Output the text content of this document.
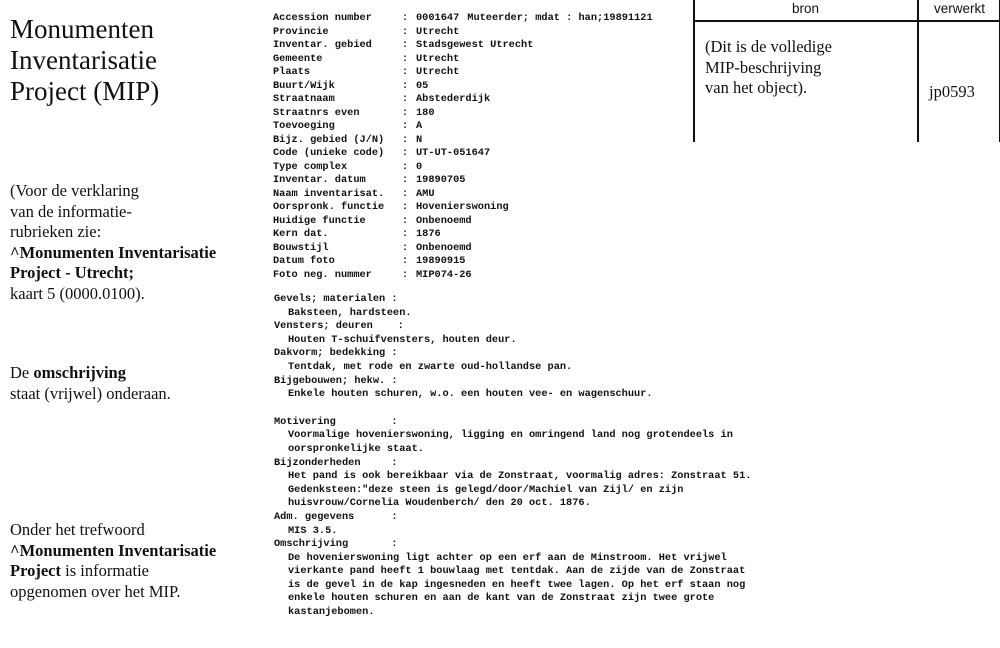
Monumenten
Inventarisatie
Project (MIP)
(Voor de verklaring
van de informatie-
rubrieken zie:
^Monumenten Inventarisatie
Project - Utrecht;
kaart 5 (0000.0100).
De omschrijving
staat (vrijwel) onderaan.
Onder het trefwoord
^Monumenten Inventarisatie
Project is informatie
opgenomen over het MIP.
Accession number	: 0001647 Muteerder; mdat : han;19891121
Provincie	: Utrecht
Inventar. gebied	: Stadsgewest Utrecht
Gemeente	: Utrecht
Plaats	: Utrecht
Buurt/Wijk	: 05
Straatnaam	: Abstederdijk
Straatnrs even	: 180
Toevoeging	: A
Bijz. gebied (J/N)	: N
Code (unieke code)	: UT-UT-051647
Type complex	: 0
Inventar. datum	: 19890705
Naam inventarisat.	: AMU
Oorspronk. functie	: Hovenierswoning
Huidige functie	: Onbenoemd
Kern dat.	: 1876
Bouwstijl	: Onbenoemd
Datum foto	: 19890915
Foto neg. nummer	: MIP074-26
Gevels; materialen :
Baksteen, hardsteen.
Vensters; deuren :
Houten T-schuifvensters, houten deur.
Dakvorm; bedekking :
Tentdak, met rode en zwarte oud-hollandse pan.
Bijgebouwen; hekw. :
Enkele houten schuren, w.o. een houten vee- en wagenschuur.
Motivering :
Voormalige hovenierswoning, ligging en omringend land nog grotendeels in
oorspronkelijke staat.
Bijzonderheden :
Het pand is ook bereikbaar via de Zonstraat, voormalig adres: Zonstraat 51.
Gedenksteen:"deze steen is gelegd/door/Machiel van Zijl/ en zijn
huisvrouw/Cornelia Woudenberch/ den 20 oct. 1876.
Adm. gegevens :
MIS 3.5.
Omschrijving :
De hovenierswoning ligt achter op een erf aan de Minstroom. Het vrijwel
vierkante pand heeft 1 bouwlaag met tentdak. Aan de zijde van de Zonstraat
is de gevel in de kap ingesneden en heeft twee lagen. Op het erf staan nog
enkele houten schuren en aan de kant van de Zonstraat zijn twee grote
kastanjebomen.
bron	verwerkt
(Dit is de volledige
MIP-beschrijving
van het object).	jp0593
